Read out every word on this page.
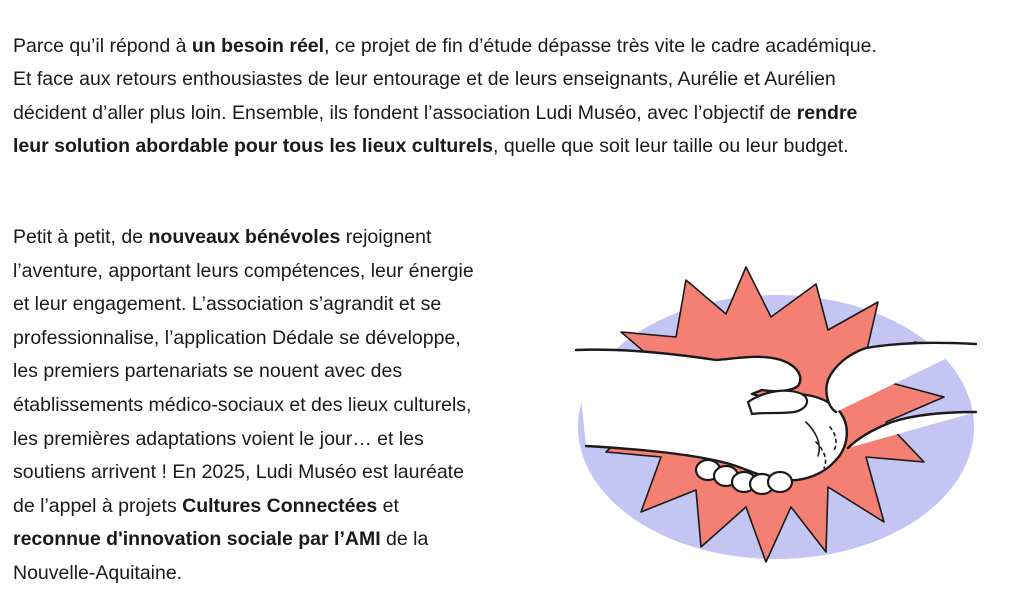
Parce qu’il répond à un besoin réel, ce projet de fin d’étude dépasse très vite le cadre académique.
Et face aux retours enthousiastes de leur entourage et de leurs enseignants, Aurélie et Aurélien
décident d’aller plus loin. Ensemble, ils fondent l’association Ludi Muséo, avec l’objectif de rendre
leur solution abordable pour tous les lieux culturels, quelle que soit leur taille ou leur budget.

Petit à petit, de nouveaux bénévoles rejoignent
l’aventure, apportant leurs compétences, leur énergie
et leur engagement. L’association s’agrandit et se
professionnalise, l’application Dédale se développe,
les premiers partenariats se nouent avec des
établissements médico-sociaux et des lieux culturels,
les premières adaptations voient le jour… et les
soutiens arrivent ! En 2025, Ludi Muséo est lauréate
de l’appel à projets Cultures Connectées et
reconnue d'innovation sociale par l’AMI de la
Nouvelle-Aquitaine.
